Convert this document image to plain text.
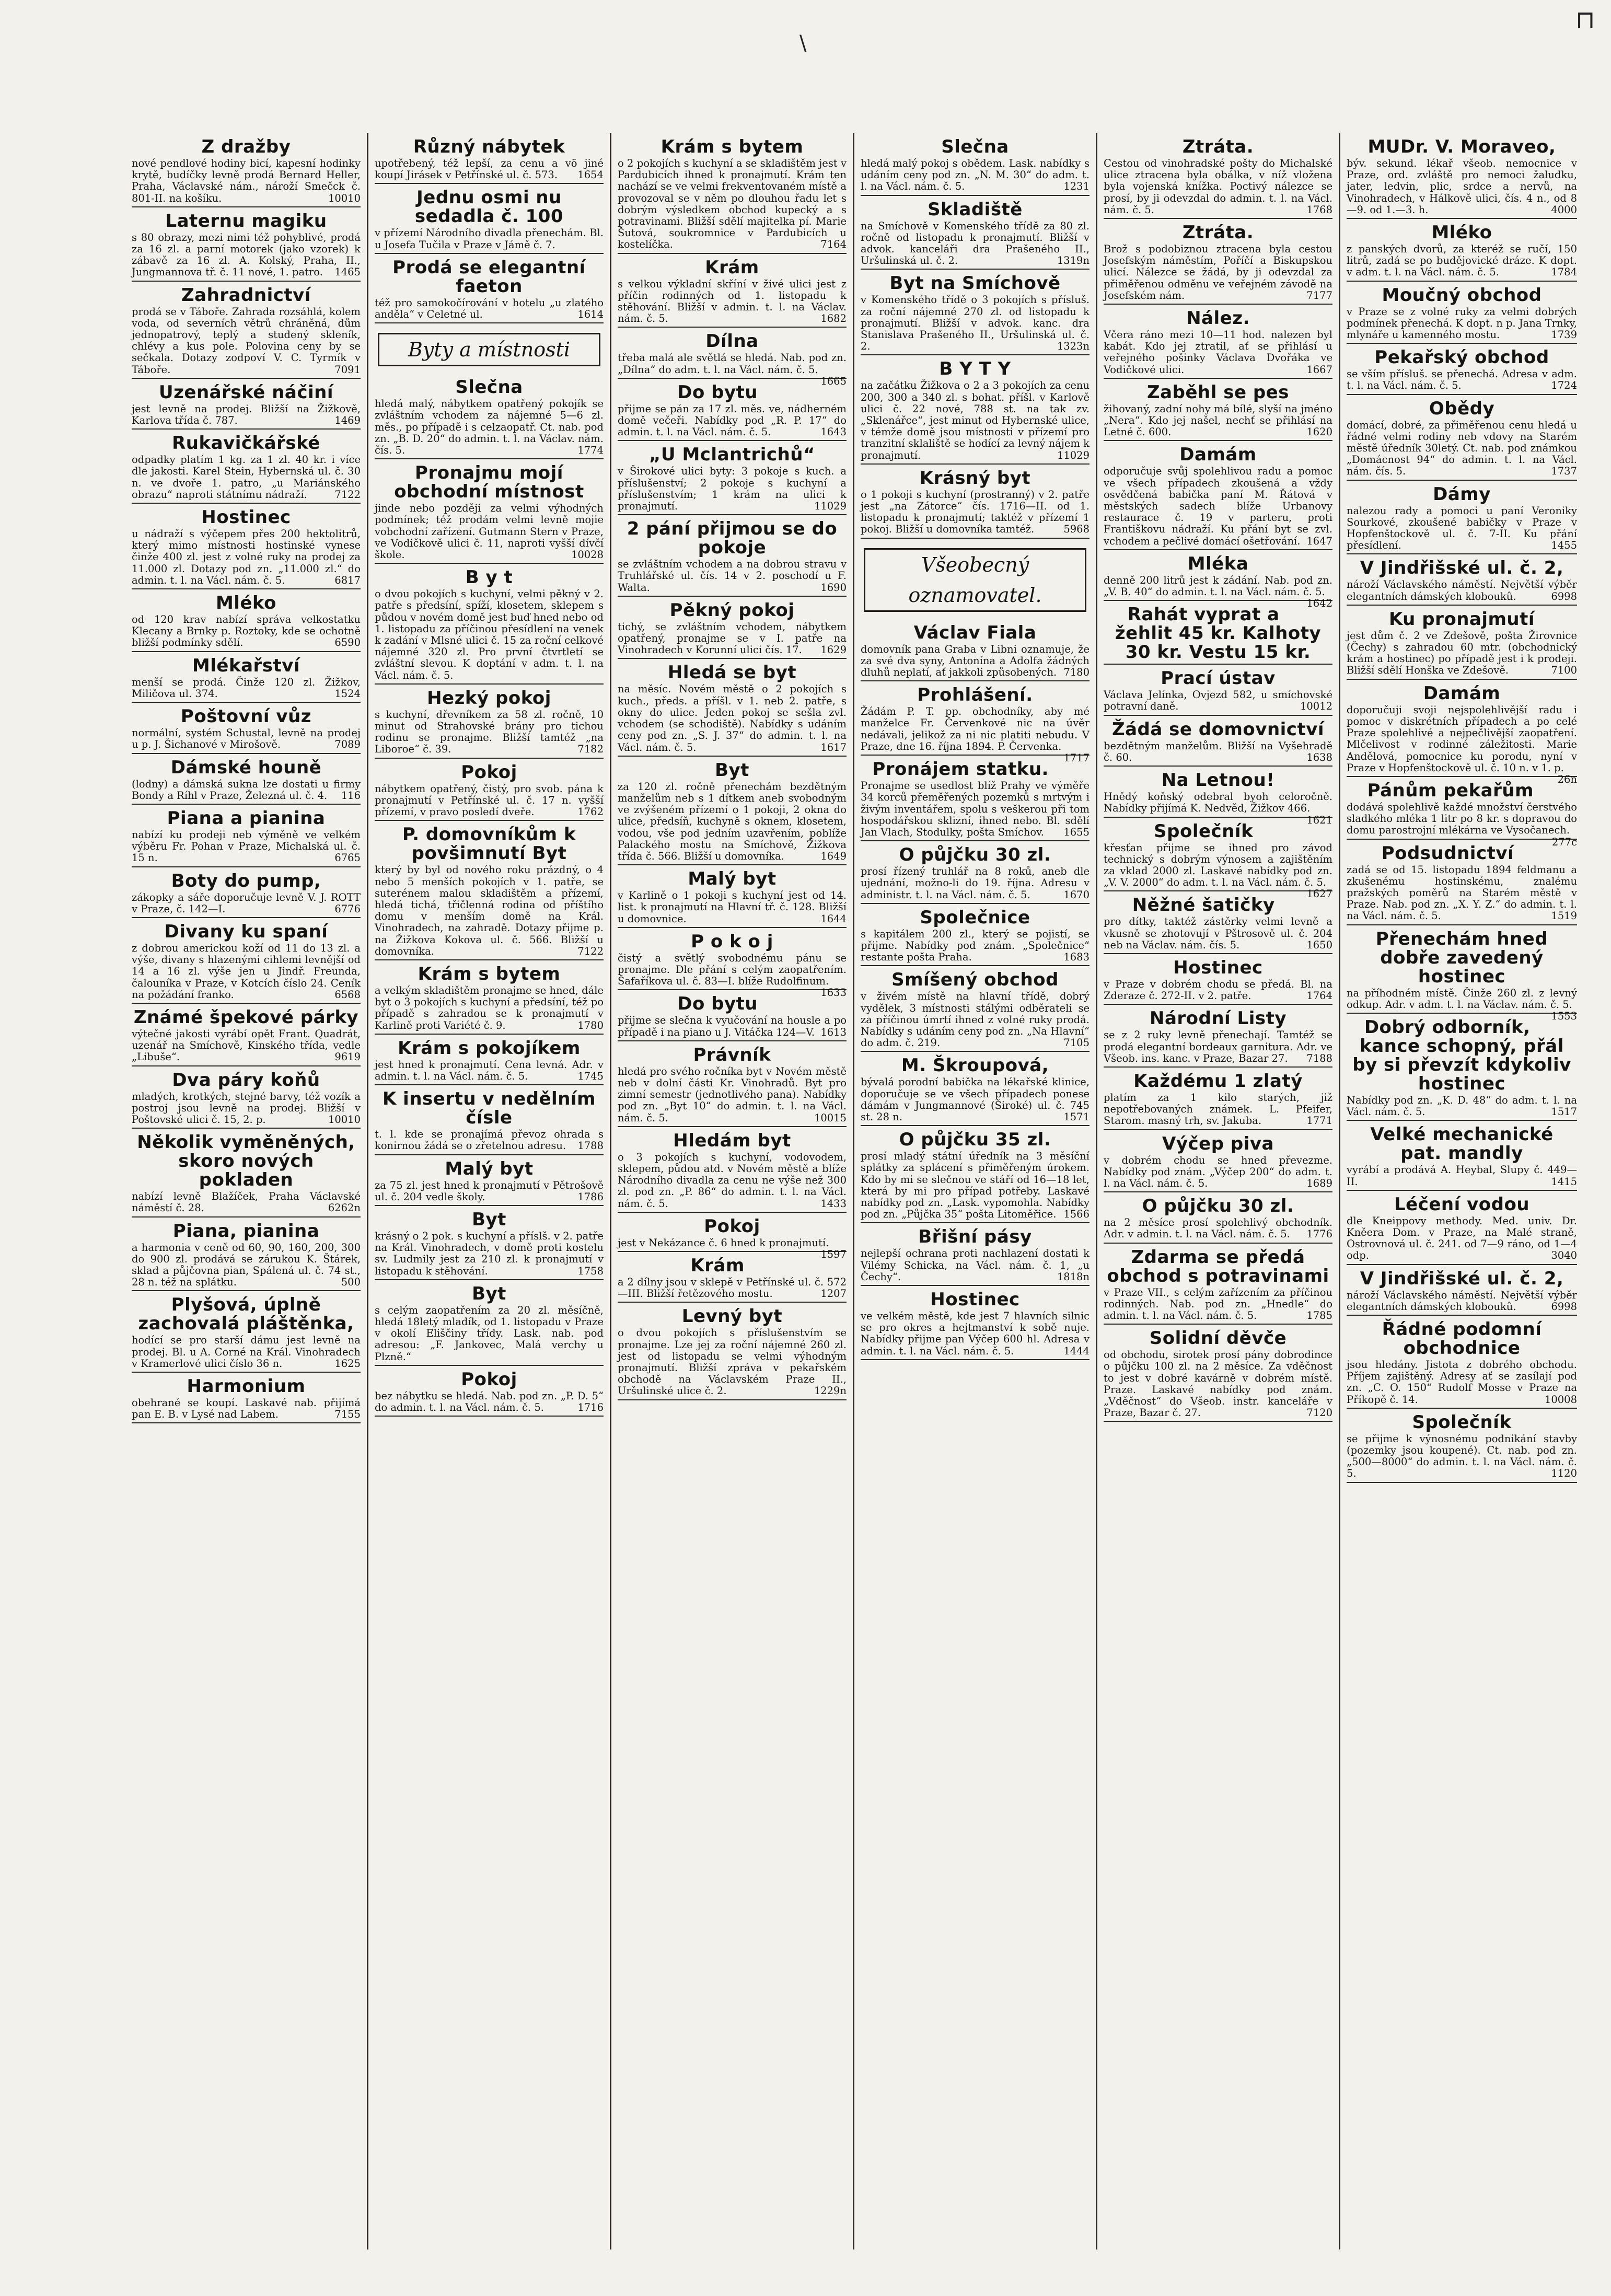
\
⊓
Z dražby
nové pendlové hodiny bicí, kapesní hodinky krytě, budíčky levně prodá Bernard Heller, Praha, Václavské nám., nároží Smečck č. 801-II. na košíku.	10010
Laternu magiku
s 80 obrazy, mezi nimi též pohyblivé, prodá za 16 zl. a parní motorek (jako vzorek) k zábavě za 16 zl. A. Kolský, Praha, II., Jungmannova tř. č. 11 nové, 1. patro.	1465
Zahradnictví
prodá se v Táboře. Zahrada rozsáhlá, kolem voda, od severních větrů chráněná, dům jednopatrový, teplý a studený skleník, chlévy a kus pole. Polovina ceny by se sečkala. Dotazy zodpoví V. C. Tyrmík v Táboře.	7091
Uzenářské náčiní
jest levně na prodej. Bližší na Žižkově, Karlova třída č. 787.	1469
Rukavičkářské
odpadky platím 1 kg. za 1 zl. 40 kr. i více dle jakosti. Karel Stein, Hybernská ul. č. 30 n. ve dvoře 1. patro, „u Mariánského obrazu“ naproti státnímu nádraží.	7122
Hostinec
u nádraží s výčepem přes 200 hektolitrů, který mimo místnosti hostinské vynese činže 400 zl. jest z volné ruky na prodej za 11.000 zl. Dotazy pod zn. „11.000 zl.“ do admin. t. l. na Václ. nám. č. 5.	6817
Mléko
od 120 krav nabízí správa velkostatku Klecany a Brnky p. Roztoky, kde se ochotně bližší podmínky sdělí.	6590
Mlékařství
menší se prodá. Činže 120 zl. Žižkov, Miličova ul. 374.	1524
Poštovní vůz
normální, systém Schustal, levně na prodej u p. J. Šichanové v Mirošově.	7089
Dámské houně
(lodny) a dámská sukna lze dostati u firmy Bondy a Ríhl v Praze, Železná ul. č. 4.	116
Piana a pianina
nabízí ku prodeji neb výměně ve velkém výběru Fr. Pohan v Praze, Michalská ul. č. 15 n.	6765
Boty do pump,
zákopky a sáře doporučuje levně V. J. ROTT v Praze, č. 142—I.	6776
Divany ku spaní
z dobrou americkou koží od 11 do 13 zl. a výše, divany s hlazenými cihlemi levnější od 14 a 16 zl. výše jen u Jindř. Freunda, čalouníka v Praze, v Kotcích číslo 24. Ceník na požádání franko.	6568
Známé špekové párky
výtečné jakosti vyrábí opět Frant. Quadrát, uzenář na Smíchově, Kinského třída, vedle „Libuše“.	9619
Dva páry koňů
mladých, krotkých, stejné barvy, též vozík a postroj jsou levně na prodej. Bližší v Poštovské ulici č. 15, 2. p.	10010
Několik vyměněných, skoro nových pokladen
nabízí levně Blažíček, Praha Václavské náměstí č. 28.	6262n
Piana, pianina
a harmonia v ceně od 60, 90, 160, 200, 300 do 900 zl. prodává se zárukou K. Štárek, sklad a půjčovna pian, Spálená ul. č. 74 st., 28 n. též na splátku.	500
Plyšová, úplně zachovalá pláštěnka,
hodící se pro starší dámu jest levně na prodej. Bl. u A. Corné na Král. Vinohradech v Kramerlové ulici číslo 36 n.	1625
Harmonium
obehrané se koupí. Laskavé nab. přijímá pan E. B. v Lysé nad Labem.	7155
Různý nábytek
upotřebený, též lepší, za cenu a vö jiné koupí Jirásek v Petřínské ul. č. 573.	1654
Jednu osmi nu sedadla č. 100
v přízemí Národního divadla přenechám. Bl. u Josefa Tučila v Praze v Jámě č. 7.
Prodá se elegantní faeton
též pro samokočírování v hotelu „u zlatého anděla“ v Celetné ul.	1614
Byty a místnosti
Slečna
hledá malý, nábytkem opatřený pokojík se zvláštním vchodem za nájemné 5—6 zl. měs., po případě i s celzaopatř. Ct. nab. pod zn. „B. D. 20“ do admin. t. l. na Václav. nám. čís. 5.	1774
Pronajmu mojí obchodní místnost
jinde nebo později za velmi výhodných podmínek; též prodám velmi levně mojie vobchodní zařízení. Gutmann Stern v Praze, ve Vodičkově ulici č. 11, naproti vyšší dívčí škole.	10028
B y t
o dvou pokojích s kuchyní, velmi pěkný v 2. patře s předsíní, spíží, klosetem, sklepem s půdou v novém domě jest buď hned nebo od 1. listopadu za příčinou přesídlení na venek k zadání v Mlsné ulici č. 15 za roční celkové nájemné 320 zl. Pro první čtvrtletí se zvláštní slevou. K doptání v adm. t. l. na Václ. nám. č. 5.
Hezký pokoj
s kuchyní, dřevníkem za 58 zl. ročně, 10 minut od Strahovské brány pro tichou rodinu se pronajme. Bližší tamtéž „na Liboroe“ č. 39.	7182
Pokoj
nábytkem opatřený, čistý, pro svob. pána k pronajmutí v Petřínské ul. č. 17 n. vyšší přízemí, v pravo posledí dveře.	1762
P. domovníkům k povšimnutí Byt
který by byl od nového roku prázdný, o 4 nebo 5 menších pokojích v 1. patře, se suterénem malou skladištěm a přízemí, hledá tichá, třičlenná rodina od příštího domu v menším domě na Král. Vinohradech, na zahradě. Dotazy přijme p. na Žižkova Kokova ul. č. 566. Bližší u domovníka.	7122
Krám s bytem
a velkým skladištěm pronajme se hned, dále byt o 3 pokojích s kuchyní a předsíní, též po případě s zahradou se k pronajmutí v Karlině proti Variété č. 9.	1780
Krám s pokojíkem
jest hned k pronajmutí. Cena levná. Adr. v admin. t. l. na Václ. nám. č. 5.	1745
K insertu v nedělním čísle
t. l. kde se pronajímá převoz ohrada s konirnou žádá se o zřetelnou adresu.	1788
Malý byt
za 75 zl. jest hned k pronajmutí v Pětrošově ul. č. 204 vedle školy.	1786
Byt
krásný o 2 pok. s kuchyní a příslš. v 2. patře na Král. Vinohradech, v domě proti kostelu sv. Ludmily jest za 210 zl. k pronajmutí v listopadu k stěhování.	1758
Byt
s celým zaopatřením za 20 zl. měsíčně, hledá 18letý mladík, od 1. listopadu v Praze v okolí Eliščiny třídy. Lask. nab. pod adresou: „F. Jankovec, Malá verchy u Plzně.“
Pokoj
bez nábytku se hledá. Nab. pod zn. „P. D. 5“ do admin. t. l. na Václ. nám. č. 5.	1716
Krám s bytem
o 2 pokojích s kuchyní a se skladištěm jest v Pardubicích ihned k pronajmutí. Krám ten nachází se ve velmi frekventovaném místě a provozoval se v něm po dlouhou řadu let s dobrým výsledkem obchod kupecký a s potravinami. Bližší sdělí majitelka pí. Marie Šutová, soukromnice v Pardubicích u kostelíčka.	7164
Krám
s velkou výkladní skříní v živé ulici jest z příčin rodinných od 1. listopadu k stěhování. Bližší v admin. t. l. na Václav. nám. č. 5.	1682
Dílna
třeba malá ale světlá se hledá. Nab. pod zn. „Dílna“ do adm. t. l. na Václ. nám. č. 5.
1665
Do bytu
přijme se pán za 17 zl. měs. ve, nádherném domě večeři. Nabídky pod „R. P. 17“ do admin. t. l. na Václ. nám. č. 5.	1643
„U Mclantrichů“
v Širokové ulici byty: 3 pokoje s kuch. a příslušenství; 2 pokoje s kuchyní a příslušenstvím; 1 krám na ulici k pronajmutí.	11029
2 pání přijmou se do pokoje
se zvláštním vchodem a na dobrou stravu v Truhlářské ul. čís. 14 v 2. poschodí u F. Walta.	1690
Pěkný pokoj
tichý, se zvláštním vchodem, nábytkem opatřený, pronajme se v I. patře na Vinohradech v Korunní ulici čís. 17.	1629
Hledá se byt
na měsíc. Novém městě o 2 pokojích s kuch., předs. a příšl. v 1. neb 2. patře, s okny do ulice. Jeden pokoj se sešla zvl. vchodem (se schodiště). Nabídky s udáním ceny pod zn. „S. J. 37“ do admin. t. l. na Václ. nám. č. 5.	1617
Byt
za 120 zl. ročně přenechám bezdětným manželům neb s 1 dítkem aneb svobodným ve zvýšeném přízemí o 1 pokoji, 2 okna do ulice, předsíň, kuchyně s oknem, klosetem, vodou, vše pod jedním uzavřením, poblíže Palackého mostu na Smíchově, Žižkova třída č. 566. Bližší u domovníka.	1649
Malý byt
v Karlině o 1 pokoji s kuchyní jest od 14. list. k pronajmutí na Hlavní tř. č. 128. Bližší u domovnice.	1644
P o k o j
čistý a světlý svobodnému pánu se pronajme. Dle přání s celým zaopatřením. Šafaříkova ul. č. 83—I. blíže Rudolfinum.
1633
Do bytu
přijme se slečna k vyučování na housle a po případě i na piano u J. Vitáčka 124—V. 1613
Právník
hledá pro svého ročníka byt v Novém městě neb v dolní části Kr. Vinohradů. Byt pro zimní semestr (jednotlivého pana). Nabídky pod zn. „Byt 10“ do admin. t. l. na Václ. nám. č. 5.	10015
Hledám byt
o 3 pokojích s kuchyní, vodovodem, sklepem, půdou atd. v Novém městě a blíže Národního divadla za cenu ne výše než 300 zl. pod zn. „P. 86“ do admin. t. l. na Václ. nám. č. 5.	1433
Pokoj
jest v Nekázance č. 6 hned k pronajmutí.
1597
Krám
a 2 dílny jsou v sklepě v Petřínské ul. č. 572—III. Bližší řetězového mostu.	1207
Levný byt
o dvou pokojích s příslušenstvím se pronajme. Lze jej za roční nájemné 260 zl. jest od listopadu se velmi výhodným pronajmutí. Bližší zpráva v pekařském obchodě na Václavském Praze II., Uršulinské ulice č. 2.	1229n
Slečna
hledá malý pokoj s obědem. Lask. nabídky s udáním ceny pod zn. „N. M. 30“ do adm. t. l. na Václ. nám. č. 5.	1231
Skladiště
na Smíchově v Komenského třídě za 80 zl. ročně od listopadu k pronajmutí. Bližší v advok. kanceláři dra Prašeného II., Uršulinská ul. č. 2.	1319n
Byt na Smíchově
v Komenského třídě o 3 pokojích s přísluš. za roční nájemné 270 zl. od listopadu k pronajmutí. Bližší v advok. kanc. dra Stanislava Prašeného II., Uršulinská ul. č. 2.	1323n
B Y T Y
na začátku Žižkova o 2 a 3 pokojích za cenu 200, 300 a 340 zl. s bohat. příšl. v Karlově ulici č. 22 nové, 788 st. na tak zv. „Sklenářce“, jest minut od Hybernské ulice, v témže domě jsou místnosti v přízemí pro tranzitní sklaliště se hodící za levný nájem k pronajmutí.	11029
Krásný byt
o 1 pokoji s kuchyní (prostranný) v 2. patře jest „na Zátorce“ čís. 1716—II. od 1. listopadu k pronajmutí; taktéž v přízemí 1 pokoj. Bližší u domovníka tamtéž.	5968
Všeobecný oznamovatel.
Václav Fiala
domovník pana Graba v Libni oznamuje, že za své dva syny, Antonína a Adolfa žádných dluhů neplatí, ať jakkoli způsobených. 7180
Prohlášení.
Žádám P. T. pp. obchodníky, aby mé manželce Fr. Červenkové nic na úvěr nedávali, jelikož za ni nic platiti nebudu. V Praze, dne 16. října 1894. P. Červenka.
1717
Pronájem statku.
Pronajme se usedlost blíž Prahy ve výměře 34 korců přeměřených pozemků s mrtvým i živým inventářem, spolu s veškerou při tom hospodářskou sklizní, ihned nebo. Bl. sdělí Jan Vlach, Stodulky, pošta Smíchov.	1655
O půjčku 30 zl.
prosí řízený truhlář na 8 roků, aneb dle ujednání, možno-li do 19. října. Adresu v administr. t. l. na Václ. nám. č. 5.	1670
Společnice
s kapitálem 200 zl., který se pojistí, se přijme. Nabídky pod znám. „Společnice“ restante pošta Praha.	1683
Smíšený obchod
v živém místě na hlavní třídě, dobrý vydělek, 3 místnosti stálými odběrateli se za příčinou úmrtí ihned z volné ruky prodá. Nabídky s udáním ceny pod zn. „Na Hlavní“ do adm. č. 219.	7105
M. Škroupová,
bývalá porodní babička na lékařské klinice, doporučuje se ve všech případech ponese dámám v Jungmannové (Široké) ul. č. 745 st. 28 n.	1571
O půjčku 35 zl.
prosí mladý státní úředník na 3 měsíční splátky za splácení s přiměřeným úrokem. Kdo by mi se slečnou ve stáří od 16—18 let, která by mi pro případ potřeby. Laskavé nabídky pod zn. „Lask. vypomohla. Nabídky pod zn. „Půjčka 35“ pošta Litoměřice. 1566
Břišní pásy
nejlepší ochrana proti nachlazení dostati k Vilémy Schicka, na Václ. nám. č. 1, „u Čechy“.	1818n
Hostinec
ve velkém městě, kde jest 7 hlavních silnic se pro okres a hejtmanství k sobě nuje. Nabídky přijme pan Výčep 600 hl. Adresa v admin. t. l. na Václ. nám. č. 5.	1444
Ztráta.
Cestou od vinohradské pošty do Michalské ulice ztracena byla obálka, v níž vložena byla vojenská knížka. Poctivý nálezce se prosí, by ji odevzdal do admin. t. l. na Václ. nám. č. 5.	1768
Ztráta.
Brož s podobiznou ztracena byla cestou Josefským náměstím, Poříčí a Biskupskou ulicí. Nálezce se žádá, by ji odevzdal za přiměřenou odměnu ve veřejném závodě na Josefském nám.	7177
Nález.
Včera ráno mezi 10—11 hod. nalezen byl kabát. Kdo jej ztratil, ať se přihlásí u veřejného pošinky Václava Dvořáka ve Vodičkové ulici.	1667
Zaběhl se pes
žihovaný, zadní nohy má bílé, slyší na jméno „Nera“. Kdo jej našel, nechť se přihlásí na Letné č. 600.	1620
Damám
odporučuje svůj spolehlivou radu a pomoc ve všech případech zkoušená a vždy osvědčená babička paní M. Řátová v městských sadech blíže Urbanovy restaurace č. 19 v parteru, proti Františkovu nádraží. Ku přání byt se zvl. vchodem a pečlivé domácí ošetřování. 1647
Mléka
denně 200 litrů jest k zádání. Nab. pod zn. „V. B. 40“ do admin. t. l. na Václ. nám. č. 5.
1642
Rahát vyprat a žehlit 45 kr. Kalhoty 30 kr. Vestu 15 kr.
Prací ústav
Václava Jelínka, Ovjezd 582, u smíchovské potravní daně.	10012
Žádá se domovnictví
bezdětným manželům. Bližší na Vyšehradě č. 60.	1638
Na Letnou!
Hnědý koňský odebral byoh celoročně. Nabídky přijímá K. Nedvěd, Žižkov 466.
1621
Společník
křesťan přijme se ihned pro závod technický s dobrým výnosem a zajištěním za vklad 2000 zl. Laskavé nabídky pod zn. „V. V. 2000“ do adm. t. l. na Václ. nám. č. 5.
1627
Něžné šatičky
pro dítky, taktéž zástěrky velmi levně a vkusně se zhotovují v Pštrosově ul. č. 204 neb na Václav. nám. čís. 5.	1650
Hostinec
v Praze v dobrém chodu se předá. Bl. na Zderaze č. 272-II. v 2. patře.	1764
Národní Listy
se z 2 ruky levně přenechají. Tamtéž se prodá elegantní bordeaux garnitura. Adr. ve Všeob. ins. kanc. v Praze, Bazar 27.	7188
Každému 1 zlatý
platím za 1 kilo starých, již nepotřebovaných známek. L. Pfeifer, Starom. masný trh, sv. Jakuba.	1771
Výčep piva
v dobrém chodu se hned převezme. Nabídky pod znám. „Výčep 200“ do adm. t. l. na Václ. nám. č. 5.	1689
O půjčku 30 zl.
na 2 měsíce prosí spolehlivý obchodník. Adr. v admin. t. l. na Václ. nám. č. 5.	1776
Zdarma se předá obchod s potravinami
v Praze VII., s celým zařízením za příčinou rodinných. Nab. pod zn. „Hnedle“ do admin. t. l. na Václ. nám. č. 5.	1785
Solidní děvče
od obchodu, sirotek prosí pány dobrodince o půjčku 100 zl. na 2 měsíce. Za vděčnost to jest v dobré kavárně v dobrém místě. Praze. Laskavé nabídky pod znám. „Vděčnost“ do Všeob. instr. kanceláře v Praze, Bazar č. 27.	7120
MUDr. V. Moraveo,
býv. sekund. lékař všeob. nemocnice v Praze, ord. zvláště pro nemoci žaludku, jater, ledvin, plic, srdce a nervů, na Vinohradech, v Hálkově ulici, čís. 4 n., od 8—9. od 1.—3. h.	4000
Mléko
z panských dvorů, za kteréž se ručí, 150 litrů, zadá se po budějovické dráze. K dopt. v adm. t. l. na Václ. nám. č. 5.	1784
Moučný obchod
v Praze se z volné ruky za velmi dobrých podmínek přenechá. K dopt. n p. Jana Trnky, mlynáře u kamenného mostu.	1739
Pekařský obchod
se vším přísluš. se přenechá. Adresa v adm. t. l. na Václ. nám. č. 5.	1724
Obědy
domácí, dobré, za přiměřenou cenu hledá u řádné velmi rodiny neb vdovy na Starém městě úředník 30letý. Ct. nab. pod známkou „Domácnost 94“ do admin. t. l. na Václ. nám. čís. 5.	1737
Dámy
nalezou rady a pomoci u paní Veroniky Sourkové, zkoušené babičky v Praze v Hopfenštockově ul. č. 7-II. Ku přání přesídlení.	1455
V Jindřišské ul. č. 2,
nároží Václavského náměstí. Největší výběr elegantních dámských kloboukû.	6998
Ku pronajmutí
jest dům č. 2 ve Zdešově, pošta Žirovnice (Čechy) s zahradou 60 mtr. (obchodnický krám a hostinec) po případě jest i k prodeji. Bližší sdělí Honška ve Zdešově.	7100
Damám
doporučuji svoji nejspolehlivější radu i pomoc v diskrétních případech a po celé Praze spolehlivé a nejpečlivější zaopatření. Mlčelivost v rodinné záležitosti. Marie Andělová, pomocnice ku porodu, nyní v Praze v Hopfenštockově ul. č. 10 n. v 1. p.
26n
Pánům pekařům
dodává spolehlivě každé množství čerstvého sladkého mléka 1 litr po 8 kr. s dopravou do domu parostrojní mlékárna ve Vysočanech.
277c
Podsudnictví
zadá se od 15. listopadu 1894 feldmanu a zkušenému hostinskému, znalému pražských poměrů na Starém městě v Praze. Nab. pod zn. „X. Y. Z.“ do admin. t. l. na Václ. nám. č. 5.	1519
Přenechám hned dobře zavedený hostinec
na příhodném místě. Činže 260 zl. z levný odkup. Adr. v adm. t. l. na Václav. nám. č. 5.
1553
Dobrý odborník, kance schopný, přál by si převzít kdykoliv hostinec
Nabídky pod zn. „K. D. 48“ do adm. t. l. na Václ. nám. č. 5.	1517
Velké mechanické pat. mandly
vyrábí a prodává A. Heybal, Slupy č. 449—II.	1415
Léčení vodou
dle Kneippovy methody. Med. univ. Dr. Kněera Dom. v Praze, na Malé straně, Ostrovnová ul. č. 241. od 7—9 ráno, od 1—4 odp.	3040
V Jindřišské ul. č. 2,
nároží Václavského náměstí. Největší výběr elegantních dámských kloboukû.	6998
Řádné podomní obchodnice
jsou hledány. Jistota z dobrého obchodu. Příjem zajištěný. Adresy ať se zasílají pod zn. „C. O. 150“ Rudolf Mosse v Praze na Příkopě č. 14.	10008
Společník
se přijme k výnosnému podnikání stavby (pozemky jsou koupené). Ct. nab. pod zn. „500—8000“ do admin. t. l. na Václ. nám. č. 5.	1120
